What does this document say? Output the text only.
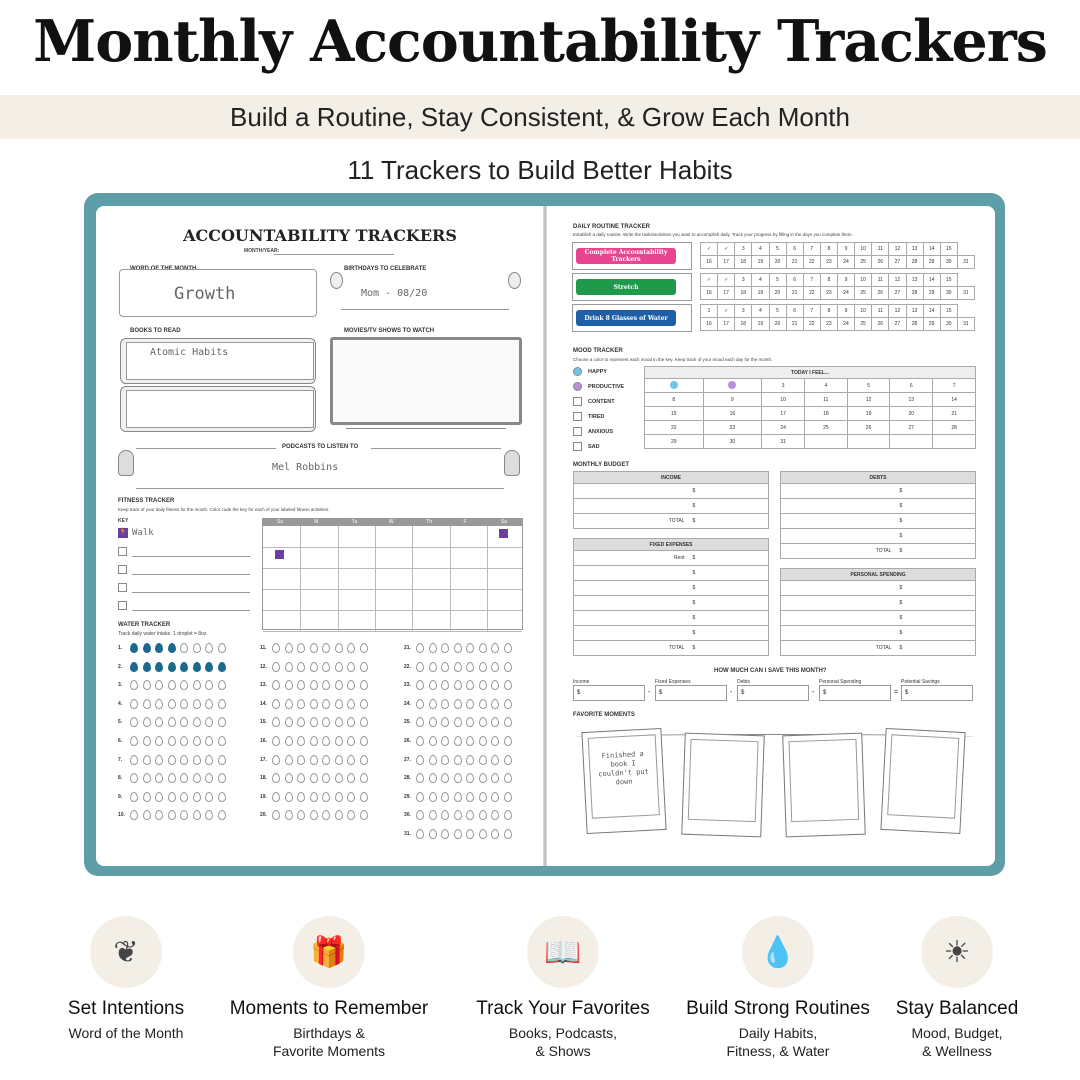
Monthly Accountability Trackers
Build a Routine, Stay Consistent, & Grow Each Month
11 Trackers to Build Better Habits
ACCOUNTABILITY TRACKERS
MONTH/YEAR:
WORD OF THE MONTH
Growth
BIRTHDAYS TO CELEBRATE
Mom - 08/20
BOOKS TO READ
Atomic Habits
MOVIES/TV SHOWS TO WATCH
PODCASTS TO LISTEN TO
Mel Robbins
FITNESS TRACKER
Keep track of your daily fitness for the month. Color code the key for each of your labeled fitness activities.
KEY
🏃 Walk
WATER TRACKER
Track daily water intake. 1 droplet = 8oz.
Su	M	Tu	W	Th	F	Sa
1.
2.
3.
4.
5.
6.
7.
8.
9.
10.
11.
12.
13.
14.
15.
16.
17.
18.
19.
20.
21.
22.
23.
24.
25.
26.
27.
28.
29.
30.
31.
DAILY ROUTINE TRACKER
Establish a daily routine. Write the tasks/activities you want to accomplish daily. Track your progress by filling in the days you complete them.
MOOD TRACKER
Choose a color to represent each mood in the key. Keep track of your mood each day for the month.
MONTHLY BUDGET
HOW MUCH CAN I SAVE THIS MONTH?
FAVORITE MOMENTS
Finished a book I couldn't put down
Complete Accountability Trackers
✓	✓	3	4	5	6	7	8	9	10	11	12	13	14	15	
16	17	18	19	20	21	22	23	24	25	26	27	28	29	30	31
Stretch
✓	✓	3	4	5	6	7	8	9	10	11	12	13	14	15	
16	17	18	19	20	21	22	23	24	25	26	27	28	29	30	31
Drink 8 Glasses of Water
1	✓	3	4	5	6	7	8	9	10	11	12	13	14	15	
16	17	18	19	20	21	22	23	24	25	26	27	28	29	30	31
HAPPY
PRODUCTIVE
CONTENT
TIRED
ANXIOUS
SAD
TODAY I FEEL...						
		3	4	5	6	7
8	9	10	11	12	13	14
15	16	17	18	19	20	21
22	23	24	25	26	27	28
29	30	31				
INCOME	
	$
	$
TOTAL	$
DEBTS	
	$
	$
	$
	$
TOTAL	$
FIXED EXPENSES	
Rent	$
	$
	$
	$
	$
	$
TOTAL	$
PERSONAL SPENDING	
	$
	$
	$
	$
TOTAL	$
Income
$	-
Fixed Expenses
$	-
Debts
$	-
Personal Spending
$	=
Potential Savings
$
❦
Set Intentions
Word of the Month
🎁
Moments to Remember
Birthdays &
Favorite Moments
📖
Track Your Favorites
Books, Podcasts,
& Shows
💧
Build Strong Routines
Daily Habits,
Fitness, & Water
☀
Stay Balanced
Mood, Budget,
& Wellness
